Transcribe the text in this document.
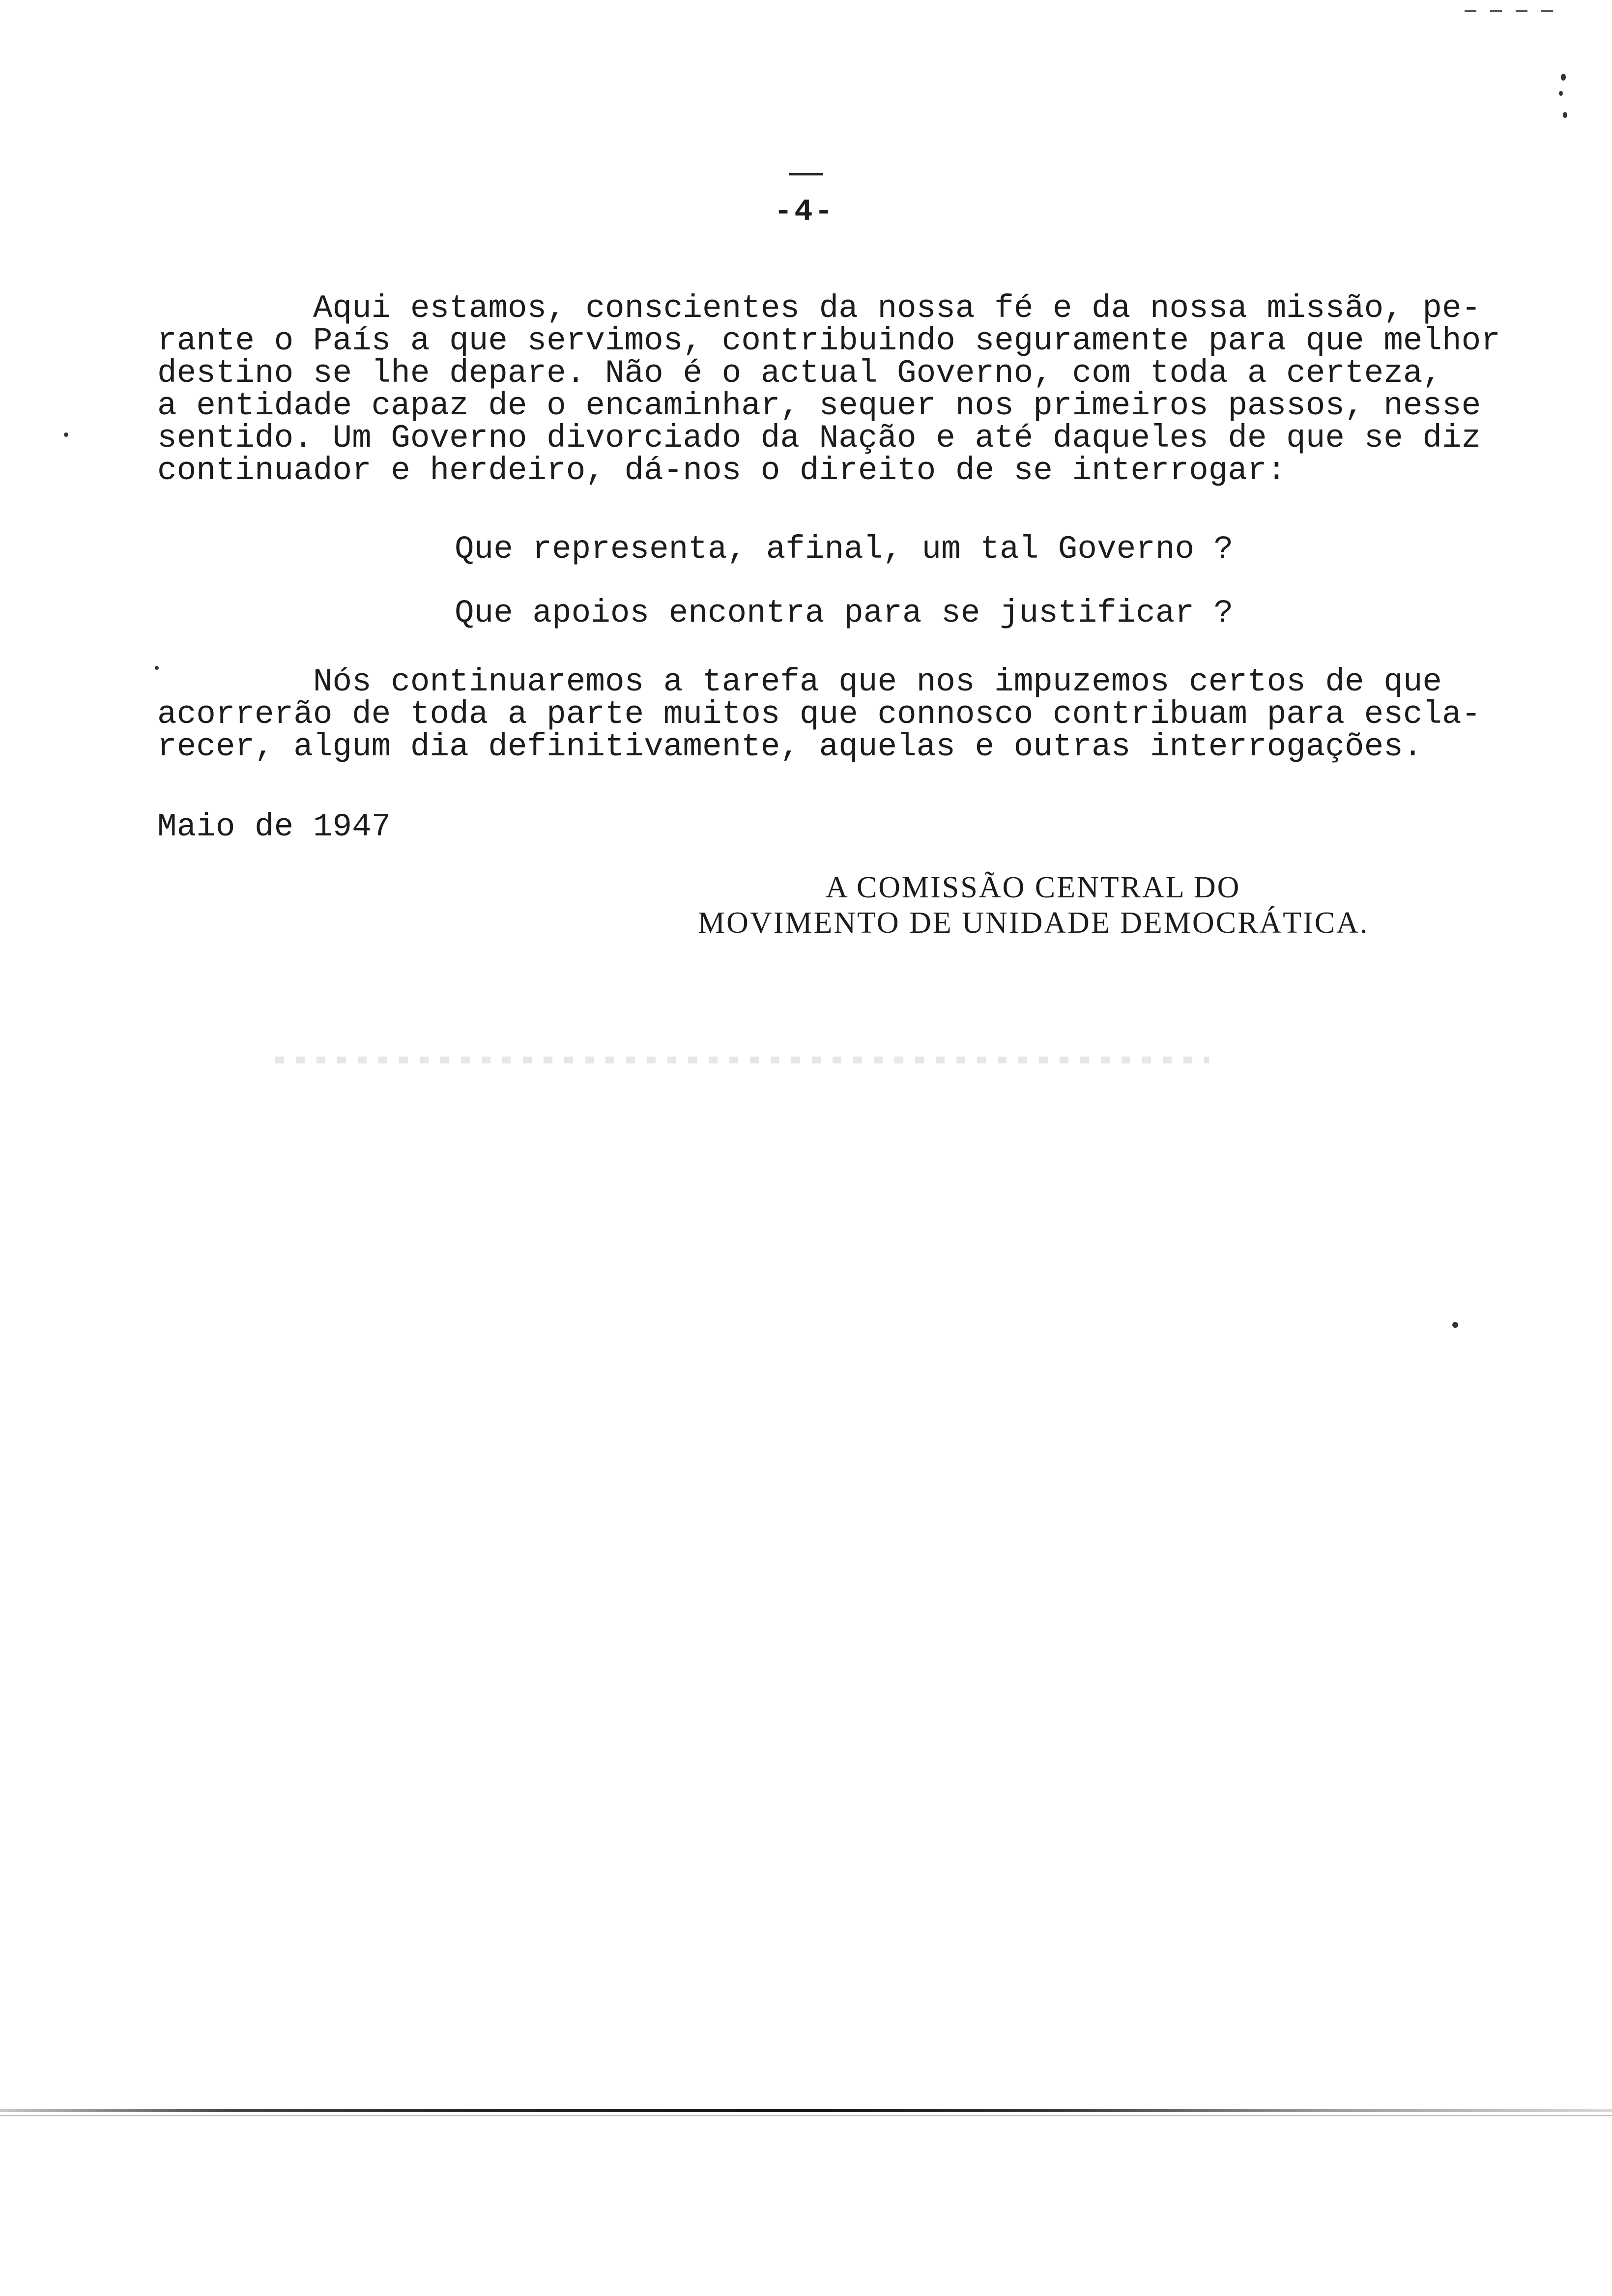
-4-

Aqui estamos, conscientes da nossa fé e da nossa missão, pe-
rante o País a que servimos, contribuindo seguramente para que melhor
destino se lhe depare. Não é o actual Governo, com toda a certeza,
a entidade capaz de o encaminhar, sequer nos primeiros passos, nesse
sentido. Um Governo divorciado da Nação e até daqueles de que se diz
continuador e herdeiro, dá-nos o direito de se interrogar:

Que representa, afinal, um tal Governo ?
Que apoios encontra para se justificar ?

Nós continuaremos a tarefa que nos impuzemos certos de que
acorrerão de toda a parte muitos que connosco contribuam para escla-
recer, algum dia definitivamente, aquelas e outras interrogações.

Maio de 1947
A COMISSÃO CENTRAL DO
MOVIMENTO DE UNIDADE DEMOCRÁTICA.
